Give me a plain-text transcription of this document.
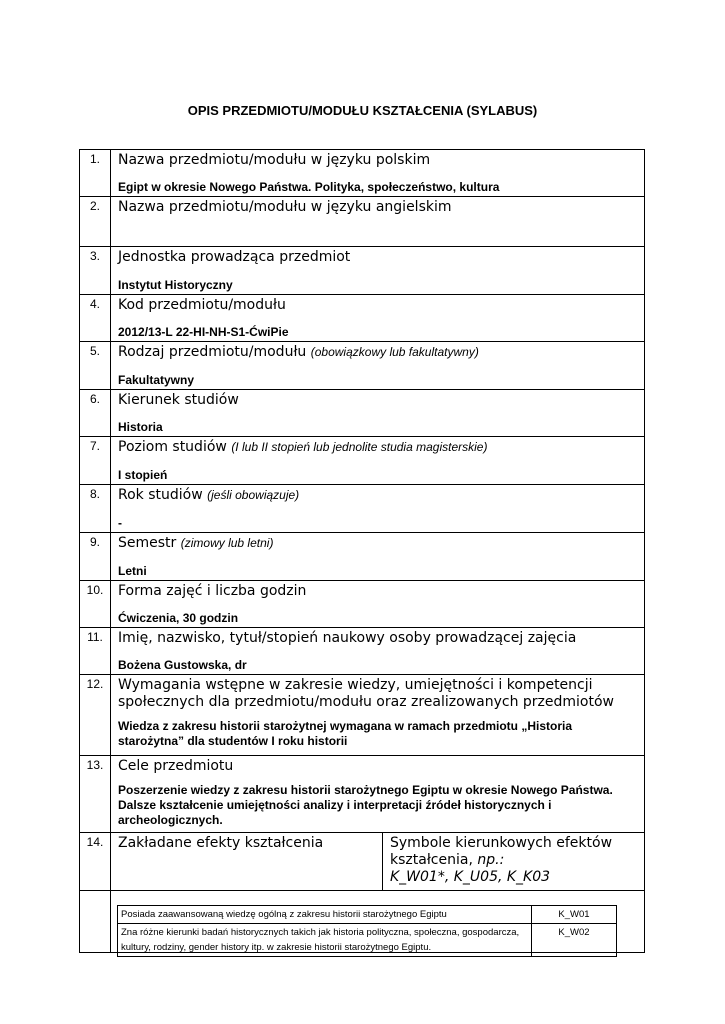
OPIS PRZEDMIOTU/MODUŁU KSZTAŁCENIA (SYLABUS)
1.	Nazwa przedmiotu/modułu w języku polskim
Egipt w okresie Nowego Państwa. Polityka, społeczeństwo, kultura	

2.	Nazwa przedmiotu/modułu w języku angielskim	

3.	Jednostka prowadząca przedmiot
Instytut Historyczny	

4.	Kod przedmiotu/modułu
2012/13-L 22-HI-NH-S1-ĆwiPie	

5.	Rodzaj przedmiotu/modułu (obowiązkowy lub fakultatywny)
Fakultatywny	

6.	Kierunek studiów
Historia	

7.	Poziom studiów (I lub II stopień lub jednolite studia magisterskie)
I stopień	

8.	Rok studiów (jeśli obowiązuje)
-	

9.	Semestr (zimowy lub letni)
Letni	

10.	Forma zajęć i liczba godzin
Ćwiczenia, 30 godzin	

11.	Imię, nazwisko, tytuł/stopień naukowy osoby prowadzącej zajęcia
Bożena Gustowska, dr	

12.	Wymagania wstępne w zakresie wiedzy, umiejętności i kompetencji społecznych dla przedmiotu/modułu oraz zrealizowanych przedmiotów
Wiedza z zakresu historii starożytnej wymagana w ramach przedmiotu „Historia starożytna” dla studentów I roku historii	

13.	Cele przedmiotu
Poszerzenie wiedzy z zakresu historii starożytnego Egiptu w okresie Nowego Państwa. Dalsze kształcenie umiejętności analizy i interpretacji źródeł historycznych i archeologicznych.	

14.	Zakładane efekty kształcenia	Symbole kierunkowych efektów kształcenia, np.:
K_W01*, K_U05, K_K03

Posiada zaawansowaną wiedzę ogólną z zakresu historii starożytnego Egiptu	K_W01
Zna różne kierunki badań historycznych takich jak historia polityczna, społeczna, gospodarcza, kultury, rodziny, gender history itp. w zakresie historii starożytnego Egiptu.	K_W02
